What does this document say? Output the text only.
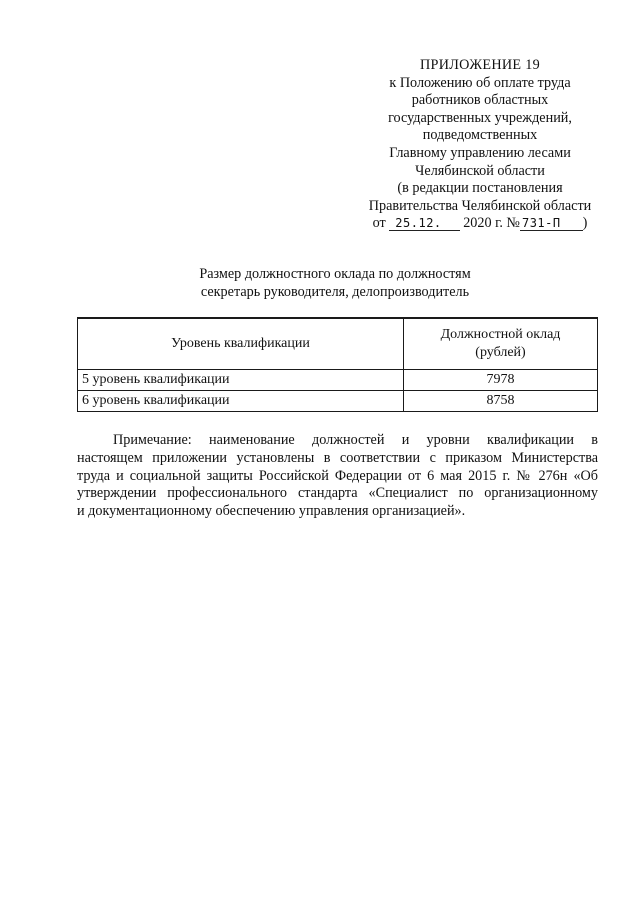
ПРИЛОЖЕНИЕ 19
к Положению об оплате труда
работников областных
государственных учреждений,
подведомственных
Главному управлению лесами
Челябинской области
(в редакции постановления
Правительства Челябинской области
от 25.12. 2020 г. № 731-П )
Размер должностного оклада по должностям
секретарь руководителя, делопроизводитель
Уровень квалификации	Должностной оклад
(рублей)
5 уровень квалификации	7978
6 уровень квалификации	8758
Примечание: наименование должностей и уровни квалификации в
настоящем приложении установлены в соответствии с приказом Министерства
труда и социальной защиты Российской Федерации от 6 мая 2015 г. № 276н «Об
утверждении профессионального стандарта «Специалист по организационному
и документационному обеспечению управления организацией».
